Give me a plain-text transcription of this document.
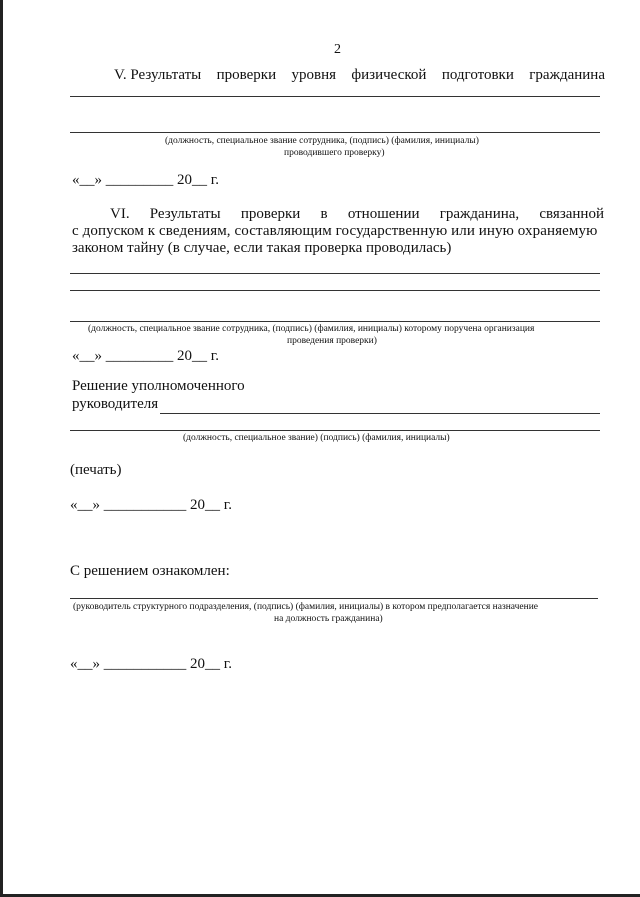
2
V. Результаты проверки уровня физической подготовки гражданина
(должность, специальное звание сотрудника, (подпись) (фамилия, инициалы)
проводившего проверку)
«__» _________ 20__ г.
VI. Результаты проверки в отношении гражданина, связанной
с допуском к сведениям, составляющим государственную или иную охраняемую
законом тайну (в случае, если такая проверка проводилась)
(должность, специальное звание сотрудника, (подпись) (фамилия, инициалы) которому поручена организация
проведения проверки)
«__» _________ 20__ г.
Решение уполномоченного
руководителя
(должность, специальное звание) (подпись) (фамилия, инициалы)
(печать)
«__» ___________ 20__ г.
С решением ознакомлен:
(руководитель структурного подразделения, (подпись) (фамилия, инициалы) в котором предполагается назначение
на должность гражданина)
«__» ___________ 20__ г.
